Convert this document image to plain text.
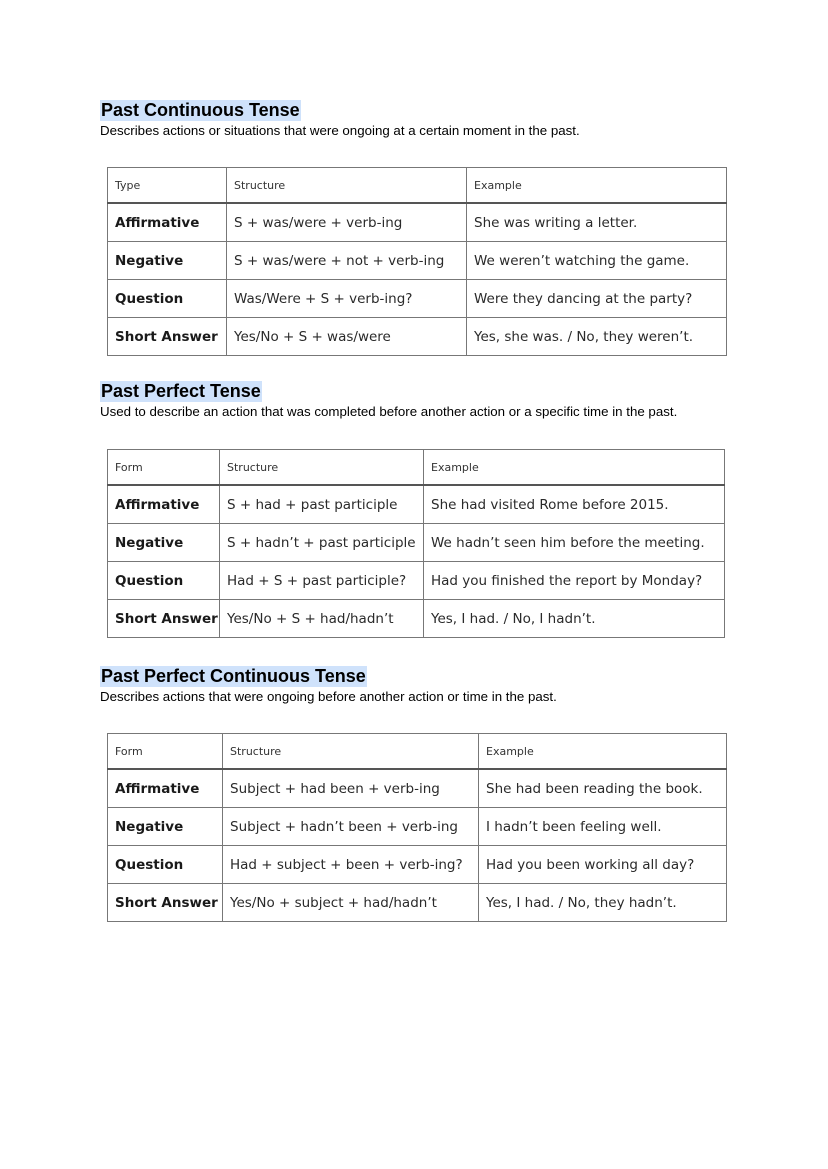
Past Continuous Tense
Describes actions or situations that were ongoing at a certain moment in the past.
Type	Structure	Example
Affirmative	S + was/were + verb-ing	She was writing a letter.
Negative	S + was/were + not + verb-ing	We weren’t watching the game.
Question	Was/Were + S + verb-ing?	Were they dancing at the party?
Short Answer	Yes/No + S + was/were	Yes, she was. / No, they weren’t.
Past Perfect Tense
Used to describe an action that was completed before another action or a specific time in the past.
Form	Structure	Example
Affirmative	S + had + past participle	She had visited Rome before 2015.
Negative	S + hadn’t + past participle	We hadn’t seen him before the meeting.
Question	Had + S + past participle?	Had you finished the report by Monday?
Short Answer	Yes/No + S + had/hadn’t	Yes, I had. / No, I hadn’t.
Past Perfect Continuous Tense
Describes actions that were ongoing before another action or time in the past.
Form	Structure	Example
Affirmative	Subject + had been + verb-ing	She had been reading the book.
Negative	Subject + hadn’t been + verb-ing	I hadn’t been feeling well.
Question	Had + subject + been + verb-ing?	Had you been working all day?
Short Answer	Yes/No + subject + had/hadn’t	Yes, I had. / No, they hadn’t.
